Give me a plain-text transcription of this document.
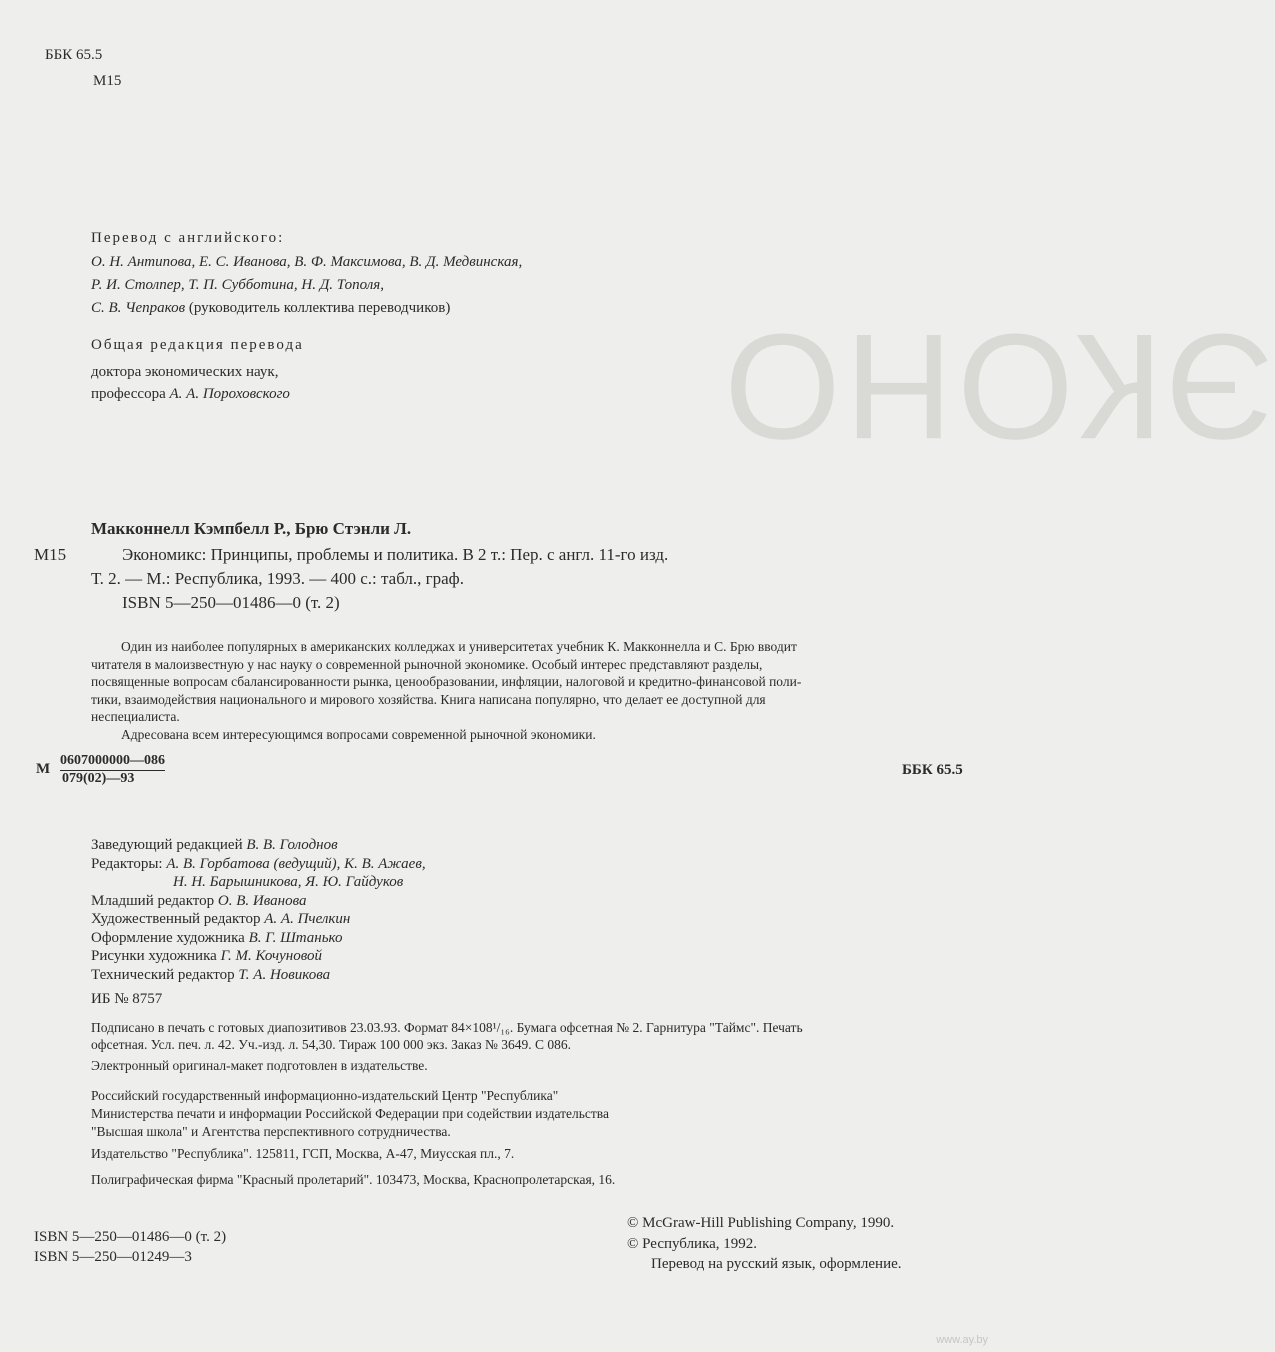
ЭКОНО
ББК 65.5
М15
Перевод с английского:
О. Н. Антипова, Е. С. Иванова, В. Ф. Максимова, В. Д. Медвинская,
Р. И. Столпер, Т. П. Субботина, Н. Д. Тополя,
С. В. Чепраков (руководитель коллектива переводчиков)
Общая редакция перевода
доктора экономических наук,
профессора А. А. Пороховского
Макконнелл Кэмпбелл Р., Брю Стэнли Л.
М15	Экономикс: Принципы, проблемы и политика. В 2 т.: Пер. с англ. 11-го изд.
Т. 2. — М.: Республика, 1993. — 400 с.: табл., граф.
ISBN 5—250—01486—0 (т. 2)
Один из наиболее популярных в американских колледжах и университетах учебник К. Макконнелла и С. Брю вводит
читателя в малоизвестную у нас науку о современной рыночной экономике. Особый интерес представляют разделы,
посвященные вопросам сбалансированности рынка, ценообразовании, инфляции, налоговой и кредитно-финансовой поли-
тики, взаимодействия национального и мирового хозяйства. Книга написана популярно, что делает ее доступной для
неспециалиста.
Адресована всем интересующимся вопросами современной рыночной экономики.
М $\frac{0607000000—086}{079(02)—93}$	ББК 65.5
Заведующий редакцией В. В. Голоднов
Редакторы: А. В. Горбатова (ведущий), К. В. Ажаев,
Н. Н. Барышникова, Я. Ю. Гайдуков
Младший редактор О. В. Иванова
Художественный редактор А. А. Пчелкин
Оформление художника В. Г. Штанько
Рисунки художника Г. М. Кочуновой
Технический редактор Т. А. Новикова
ИБ № 8757
Подписано в печать с готовых диапозитивов 23.03.93. Формат 84×108¹/₁₆. Бумага офсетная № 2. Гарнитура "Таймс". Печать
офсетная. Усл. печ. л. 42. Уч.-изд. л. 54,30. Тираж 100 000 экз. Заказ № 3649. С 086.
Электронный оригинал-макет подготовлен в издательстве.
Российский государственный информационно-издательский Центр "Республика"
Министерства печати и информации Российской Федерации при содействии издательства
"Высшая школа" и Агентства перспективного сотрудничества.
Издательство "Республика". 125811, ГСП, Москва, А-47, Миусская пл., 7.
Полиграфическая фирма "Красный пролетарий". 103473, Москва, Краснопролетарская, 16.
ISBN 5—250—01486—0 (т. 2)
ISBN 5—250—01249—3
© McGraw-Hill Publishing Company, 1990.
© Республика, 1992.
Перевод на русский язык, оформление.
www.ay.by
